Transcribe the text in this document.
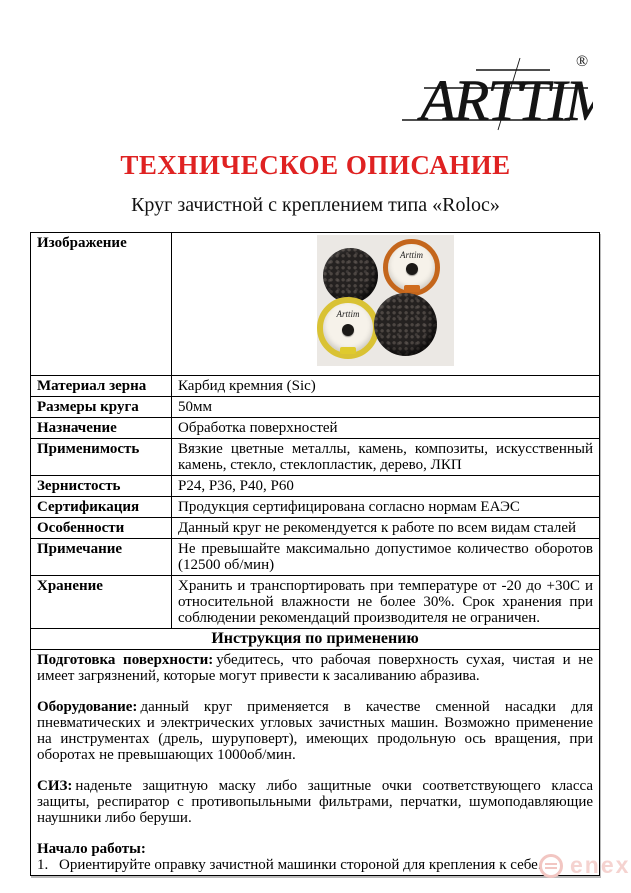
ARTTIM
®
ТЕХНИЧЕСКОЕ ОПИСАНИЕ
Круг зачистной с креплением типа «Roloc»
Изображение	Arttim
Arttim

Материал зерна	Карбид кремния (Sic)
Размеры круга	50мм
Назначение	Обработка поверхностей
Применимость	Вязкие цветные металлы, камень, композиты, искусственный камень, стекло, стеклопластик, дерево, ЛКП
Зернистость	P24, P36, P40, P60
Сертификация	Продукция сертифицирована согласно нормам ЕАЭС
Особенности	Данный круг не рекомендуется к работе по всем видам сталей
Примечание	Не превышайте максимально допустимое количество оборотов (12500 об/мин)
Хранение	Хранить и транспортировать при температуре от -20 до +30С и относительной влажности не более 30%. Срок хранения при соблюдении рекомендаций производителя не ограничен.
Инструкция по применению	

Подготовка поверхности: убедитесь, что рабочая поверхность сухая, чистая и не имеет загрязнений, которые могут привести к засаливанию абразива.

Оборудование: данный круг применяется в качестве сменной насадки для пневматических и электрических угловых зачистных машин. Возможно применение на инструментах (дрель, шуруповерт), имеющих продольную ось вращения, при оборотах не превышающих 1000об/мин.

СИЗ: наденьте защитную маску либо защитные очки соответствующего класса защиты, респиратор с противопыльными фильтрами, перчатки, шумоподавляющие наушники либо беруши.

Начало работы:

1. Ориентируйте оправку зачистной машинки стороной для крепления к себе.		enex
